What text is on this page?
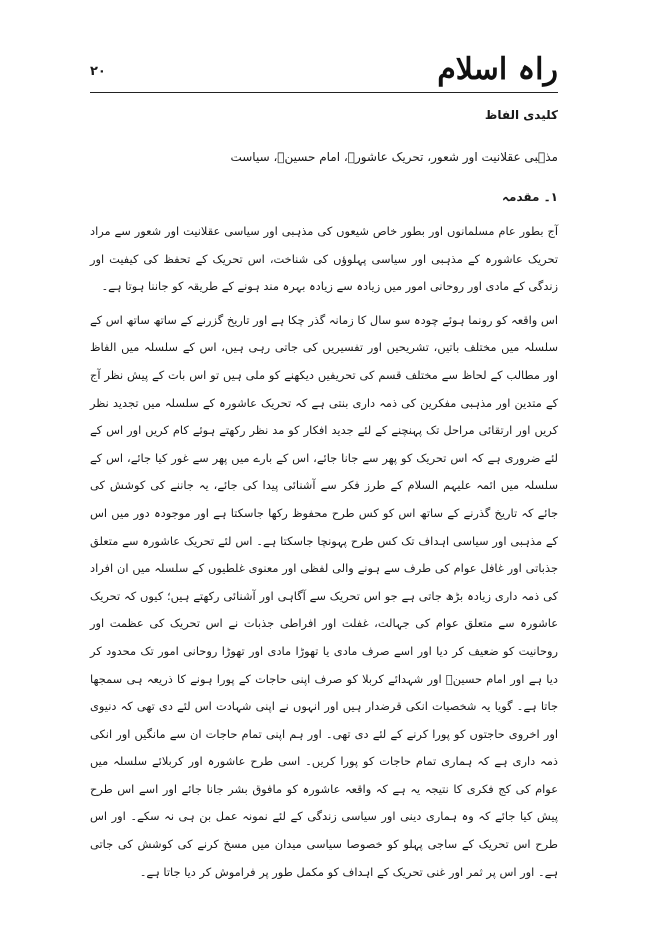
راہ اسلام
۲۰
کلیدی الفاظ
مذہبی عقلانیت اور شعور، تحریک عاشورہ، امام حسینؑ، سیاست
۱۔ مقدمہ

آج بطور عام مسلمانوں اور بطور خاص شیعوں کی مذہبی اور سیاسی عقلانیت اور شعور سے مراد تحریک عاشورہ کے مذہبی اور سیاسی پہلوؤں کی شناخت، اس تحریک کے تحفظ کی کیفیت اور زندگی کے مادی اور روحانی امور میں زیادہ سے زیادہ بہرہ مند ہونے کے طریقہ کو جاننا ہوتا ہے۔

اس واقعہ کو رونما ہوئے چودہ سو سال کا زمانہ گذر چکا ہے اور تاریخ گزرنے کے ساتھ ساتھ اس کے سلسلہ میں مختلف باتیں، تشریحیں اور تفسیریں کی جاتی رہی ہیں، اس کے سلسلہ میں الفاظ اور مطالب کے لحاظ سے مختلف قسم کی تحریفیں دیکھنے کو ملی ہیں تو اس بات کے پیش نظر آج کے متدین اور مذہبی مفکرین کی ذمہ داری بنتی ہے کہ تحریک عاشورہ کے سلسلہ میں تجدید نظر کریں اور ارتقائی مراحل تک پہنچنے کے لئے جدید افکار کو مد نظر رکھتے ہوئے کام کریں اور اس کے لئے ضروری ہے کہ اس تحریک کو پھر سے جانا جائے، اس کے بارے میں پھر سے غور کیا جائے، اس کے سلسلہ میں ائمہ علیہم السلام کے طرز فکر سے آشنائی پیدا کی جائے، یہ جاننے کی کوشش کی جائے کہ تاریخ گذرنے کے ساتھ اس کو کس طرح محفوظ رکھا جاسکتا ہے اور موجودہ دور میں اس کے مذہبی اور سیاسی اہداف تک کس طرح پہونچا جاسکتا ہے۔ اس لئے تحریک عاشورہ سے متعلق جذباتی اور غافل عوام کی طرف سے ہونے والی لفظی اور معنوی غلطیوں کے سلسلہ میں ان افراد کی ذمہ داری زیادہ بڑھ جاتی ہے جو اس تحریک سے آگاہی اور آشنائی رکھتے ہیں؛ کیوں کہ تحریک عاشورہ سے متعلق عوام کی جہالت، غفلت اور افراطی جذبات نے اس تحریک کی عظمت اور روحانیت کو ضعیف کر دیا اور اسے صرف مادی یا تھوڑا مادی اور تھوڑا روحانی امور تک محدود کر دیا ہے اور امام حسینؑ اور شہدائے کربلا کو صرف اپنی حاجات کے پورا ہونے کا ذریعہ ہی سمجھا جاتا ہے۔ گویا یہ شخصیات انکی قرضدار ہیں اور انہوں نے اپنی شہادت اس لئے دی تھی کہ دنیوی اور اخروی حاجتوں کو پورا کرنے کے لئے دی تھی۔ اور ہم اپنی تمام حاجات ان سے مانگیں اور انکی ذمہ داری ہے کہ ہماری تمام حاجات کو پورا کریں۔ اسی طرح عاشورہ اور کربلائے سلسلہ میں عوام کی کج فکری کا نتیجہ یہ ہے کہ واقعہ عاشورہ کو مافوق بشر جانا جائے اور اسے اس طرح پیش کیا جائے کہ وہ ہماری دینی اور سیاسی زندگی کے لئے نمونہ عمل بن ہی نہ سکے۔ اور اس طرح اس تحریک کے ساجی پہلو کو خصوصا سیاسی میدان میں مسخ کرنے کی کوشش کی جاتی ہے۔ اور اس پر ثمر اور غنی تحریک کے اہداف کو مکمل طور پر فراموش کر دیا جاتا ہے۔
